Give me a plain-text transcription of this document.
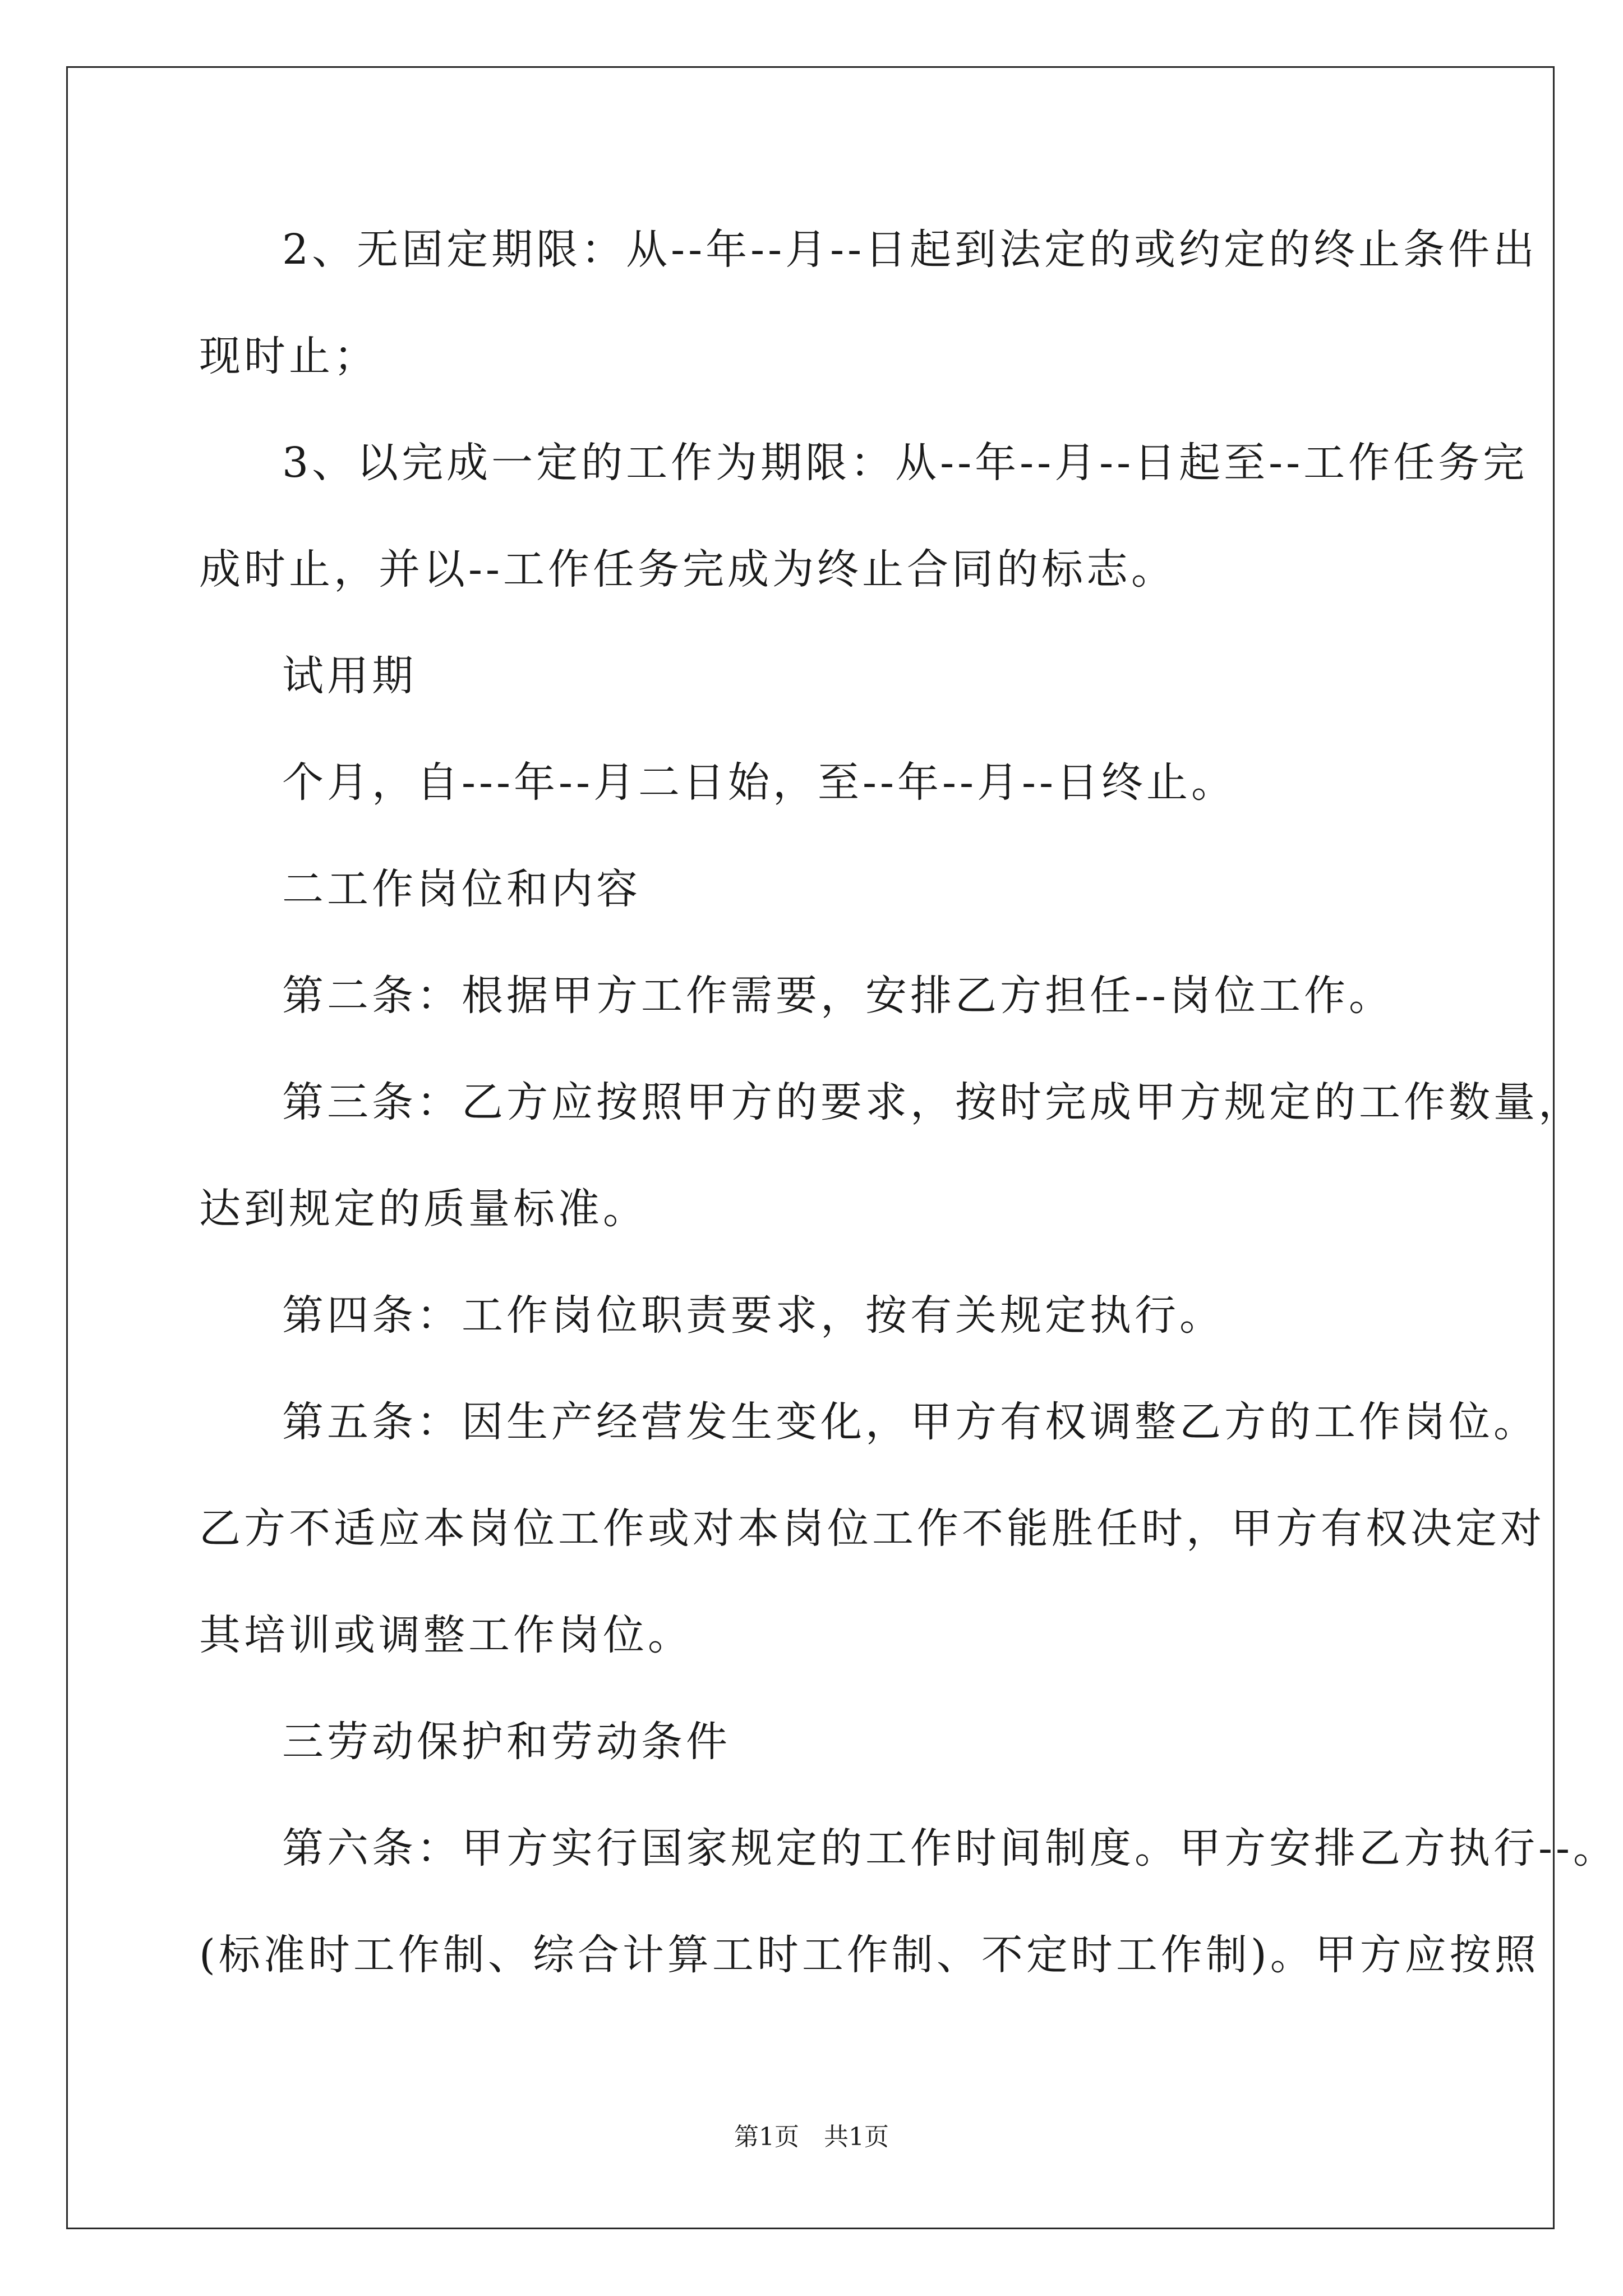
2、无固定期限：从--年--月--日起到法定的或约定的终止条件出
现时止；
3、以完成一定的工作为期限：从--年--月--日起至--工作任务完
成时止，并以--工作任务完成为终止合同的标志。
试用期
个月，自---年--月二日始，至--年--月--日终止。
二工作岗位和内容
第二条：根据甲方工作需要，安排乙方担任--岗位工作。
第三条：乙方应按照甲方的要求，按时完成甲方规定的工作数量，
达到规定的质量标准。
第四条：工作岗位职责要求，按有关规定执行。
第五条：因生产经营发生变化，甲方有权调整乙方的工作岗位。
乙方不适应本岗位工作或对本岗位工作不能胜任时，甲方有权决定对
其培训或调整工作岗位。
三劳动保护和劳动条件
第六条：甲方实行国家规定的工作时间制度。甲方安排乙方执行--。
(标准时工作制、综合计算工时工作制、不定时工作制)。甲方应按照
第1页　共1页
